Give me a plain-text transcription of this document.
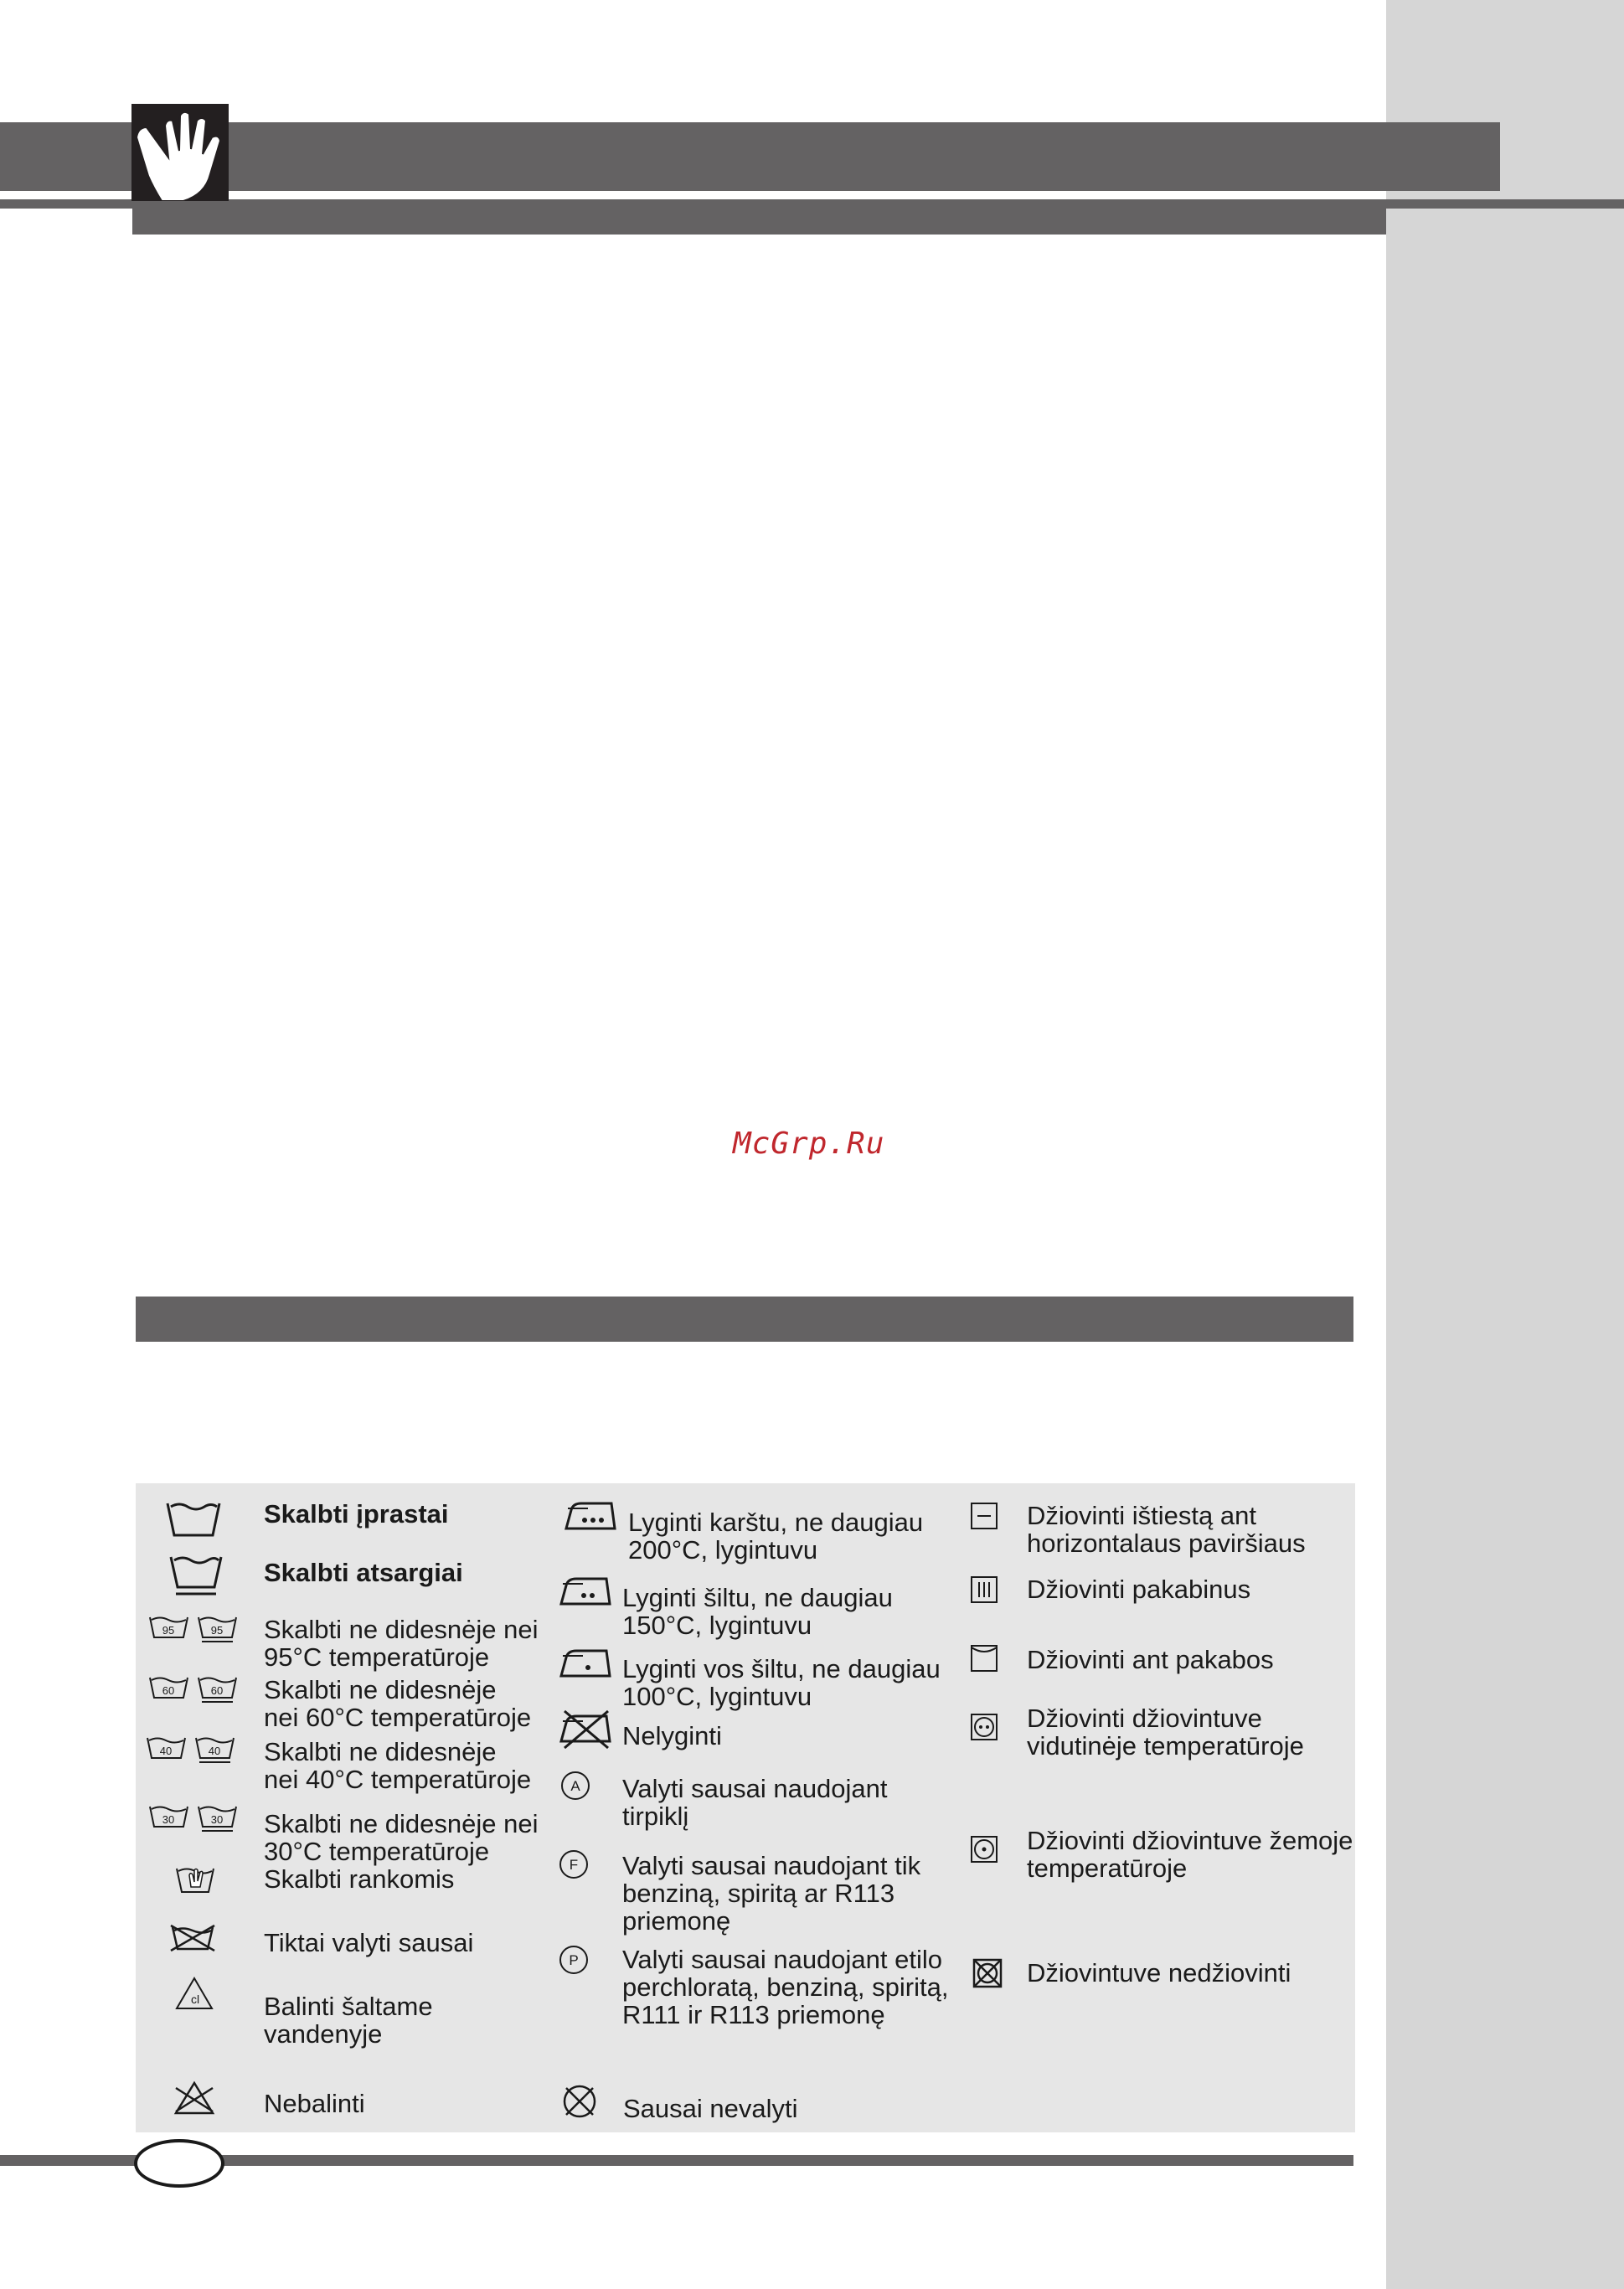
McGrp.Ru
Skalbti įprastai
Skalbti atsargiai
95	95 Skalbti ne didesnėje nei
95°C temperatūroje
60	60 Skalbti ne didesnėje
nei 60°C temperatūroje
40	40 Skalbti ne didesnėje
nei 40°C temperatūroje
30	30 Skalbti ne didesnėje nei
30°C temperatūroje
Skalbti rankomis
Tiktai valyti sausai
cl Balinti šaltame
vandenyje
Nebalinti
Lyginti karštu, ne daugiau
200°C, lygintuvu
Lyginti šiltu, ne daugiau
150°C, lygintuvu
Lyginti vos šiltu, ne daugiau
100°C, lygintuvu
Nelyginti
A Valyti sausai naudojant
tirpiklį
F Valyti sausai naudojant tik
benziną, spiritą ar R113
priemonę
P Valyti sausai naudojant etilo
perchloratą, benziną, spiritą,
R111 ir R113 priemonę
Sausai nevalyti
Džiovinti ištiestą ant
horizontalaus paviršiaus
Džiovinti pakabinus
Džiovinti ant pakabos
Džiovinti džiovintuve
vidutinėje temperatūroje
Džiovinti džiovintuve žemoje
temperatūroje
Džiovintuve nedžiovinti
